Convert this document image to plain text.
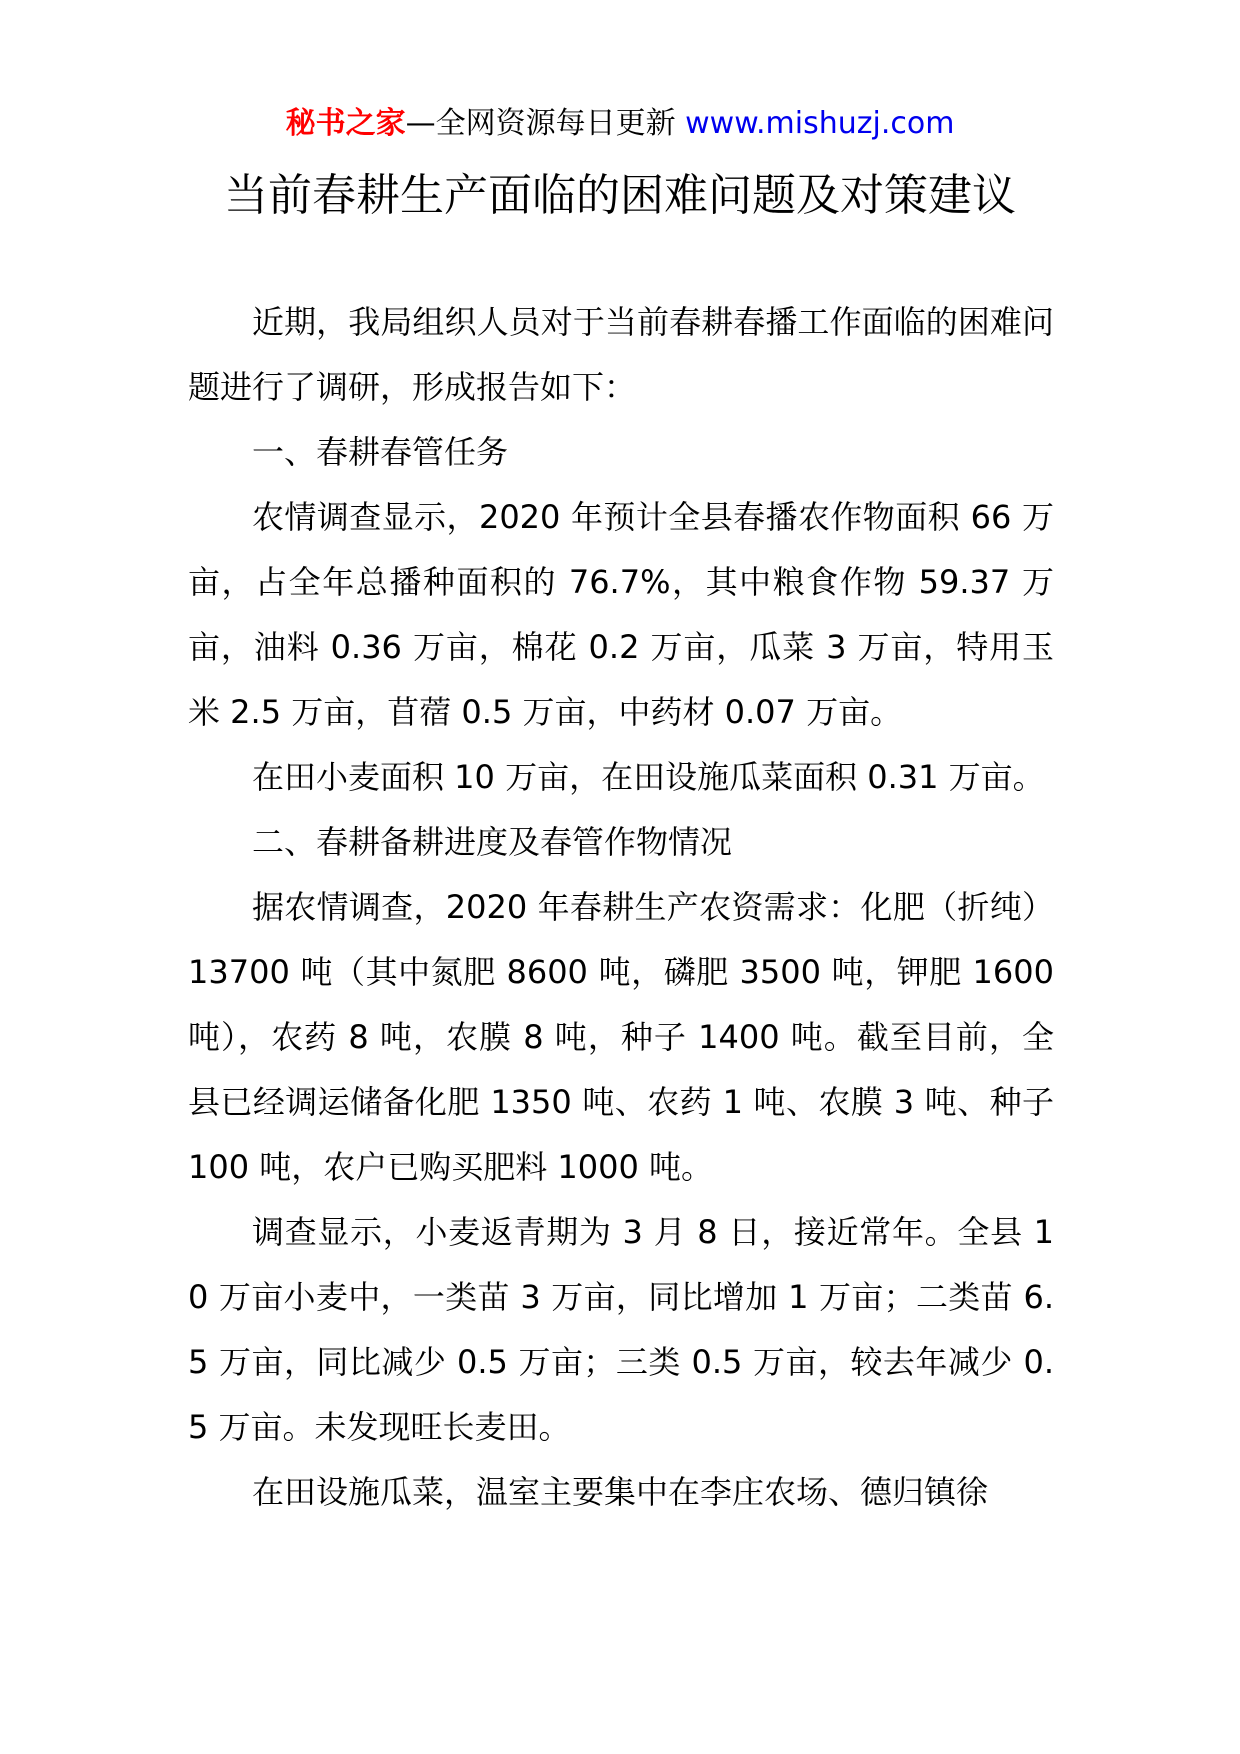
秘书之家—全网资源每日更新 www.mishuzj.com
当前春耕生产面临的困难问题及对策建议

近期，我局组织人员对于当前春耕春播工作面临的困难问题进行了调研，形成报告如下：

一、春耕春管任务

农情调查显示，2020 年预计全县春播农作物面积 66 万亩，占全年总播种面积的 76.7%，其中粮食作物 59.37 万亩，油料 0.36 万亩，棉花 0.2 万亩，瓜菜 3 万亩，特用玉米 2.5 万亩，苜蓿 0.5 万亩，中药材 0.07 万亩。

在田小麦面积 10 万亩，在田设施瓜菜面积 0.31 万亩。

二、春耕备耕进度及春管作物情况

据农情调查，2020 年春耕生产农资需求：化肥（折纯）13700 吨（其中氮肥 8600 吨，磷肥 3500 吨，钾肥 1600 吨），农药 8 吨，农膜 8 吨，种子 1400 吨。截至目前，全县已经调运储备化肥 1350 吨、农药 1 吨、农膜 3 吨、种子 100 吨，农户已购买肥料 1000 吨。

调查显示，小麦返青期为 3 月 8 日，接近常年。全县 10 万亩小麦中，一类苗 3 万亩，同比增加 1 万亩；二类苗 6.5 万亩，同比减少 0.5 万亩；三类 0.5 万亩，较去年减少 0.5 万亩。未发现旺长麦田。

在田设施瓜菜，温室主要集中在李庄农场、德归镇徐
